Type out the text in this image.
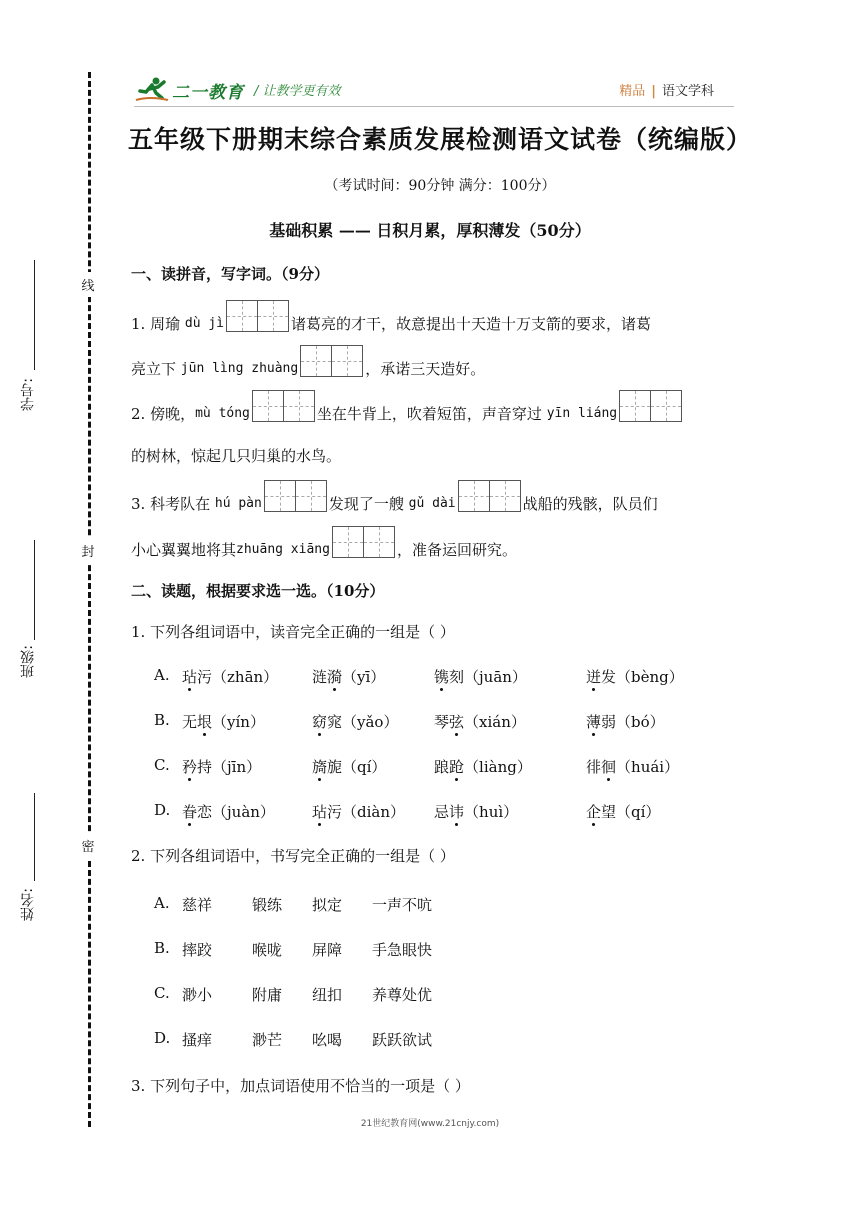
线
封
密
学号:
班级:
姓名:
二一教育 / 让教学更有效	精品 | 语文学科
五年级下册期末综合素质发展检测语文试卷（统编版）
（考试时间：90分钟 满分：100分）
基础积累 —— 日积月累，厚积薄发（50分）
一、读拼音，写字词。（9分）
1. 周瑜
dù jì	诸葛亮的才干，故意提出十天造十万支箭的要求，诸葛
亮立下
jūn lìng zhuàng	，承诺三天造好。
2. 傍晚， mù tóng	坐在牛背上，吹着短笛，声音穿过
yīn liáng
的树林，惊起几只归巢的水鸟。
3. 科考队在
hú pàn	发现了一艘
gǔ dài	战船的残骸，队员们
小心翼翼地将其 zhuāng xiāng	，准备运回研究。
二、读题，根据要求选一选。（10分）
1. 下列各组词语中，读音完全正确的一组是（ ）
A. 玷污（zhān） 涟漪（yī）	镌刻（juān）	迸发（bèng）
B. 无垠（yín）	窈窕（yǎo） 琴弦（xián）	薄弱（bó）
C. 矜持（jīn）	旖旎（qí）	踉跄（liàng）	徘徊（huái）
D. 眷恋（juàn） 玷污（diàn） 忌讳（huì）	企望（qí）
2. 下列各组词语中，书写完全正确的一组是（ ）
A. 慈祥	锻练 拟定 一声不吭
B. 摔跤	喉咙 屏障 手急眼快
C. 渺小	附庸 纽扣 养尊处优
D. 搔痒	渺芒 吆喝 跃跃欲试
3. 下列句子中，加点词语使用不恰当的一项是（ ）
21世纪教育网(www.21cnjy.com)
